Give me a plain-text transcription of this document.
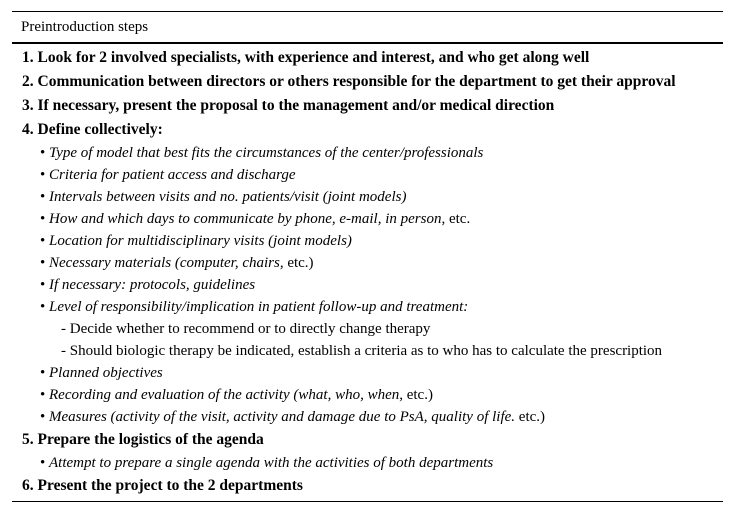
Preintroduction steps
1. Look for 2 involved specialists, with experience and interest, and who get along well
2. Communication between directors or others responsible for the department to get their approval
3. If necessary, present the proposal to the management and/or medical direction
4. Define collectively:
• Type of model that best fits the circumstances of the center/professionals
• Criteria for patient access and discharge
• Intervals between visits and no. patients/visit (joint models)
• How and which days to communicate by phone, e-mail, in person, etc.
• Location for multidisciplinary visits (joint models)
• Necessary materials (computer, chairs, etc.)
• If necessary: protocols, guidelines
• Level of responsibility/implication in patient follow-up and treatment:
- Decide whether to recommend or to directly change therapy
- Should biologic therapy be indicated, establish a criteria as to who has to calculate the prescription
• Planned objectives
• Recording and evaluation of the activity (what, who, when, etc.)
• Measures (activity of the visit, activity and damage due to PsA, quality of life. etc.)
5. Prepare the logistics of the agenda
• Attempt to prepare a single agenda with the activities of both departments
6. Present the project to the 2 departments
